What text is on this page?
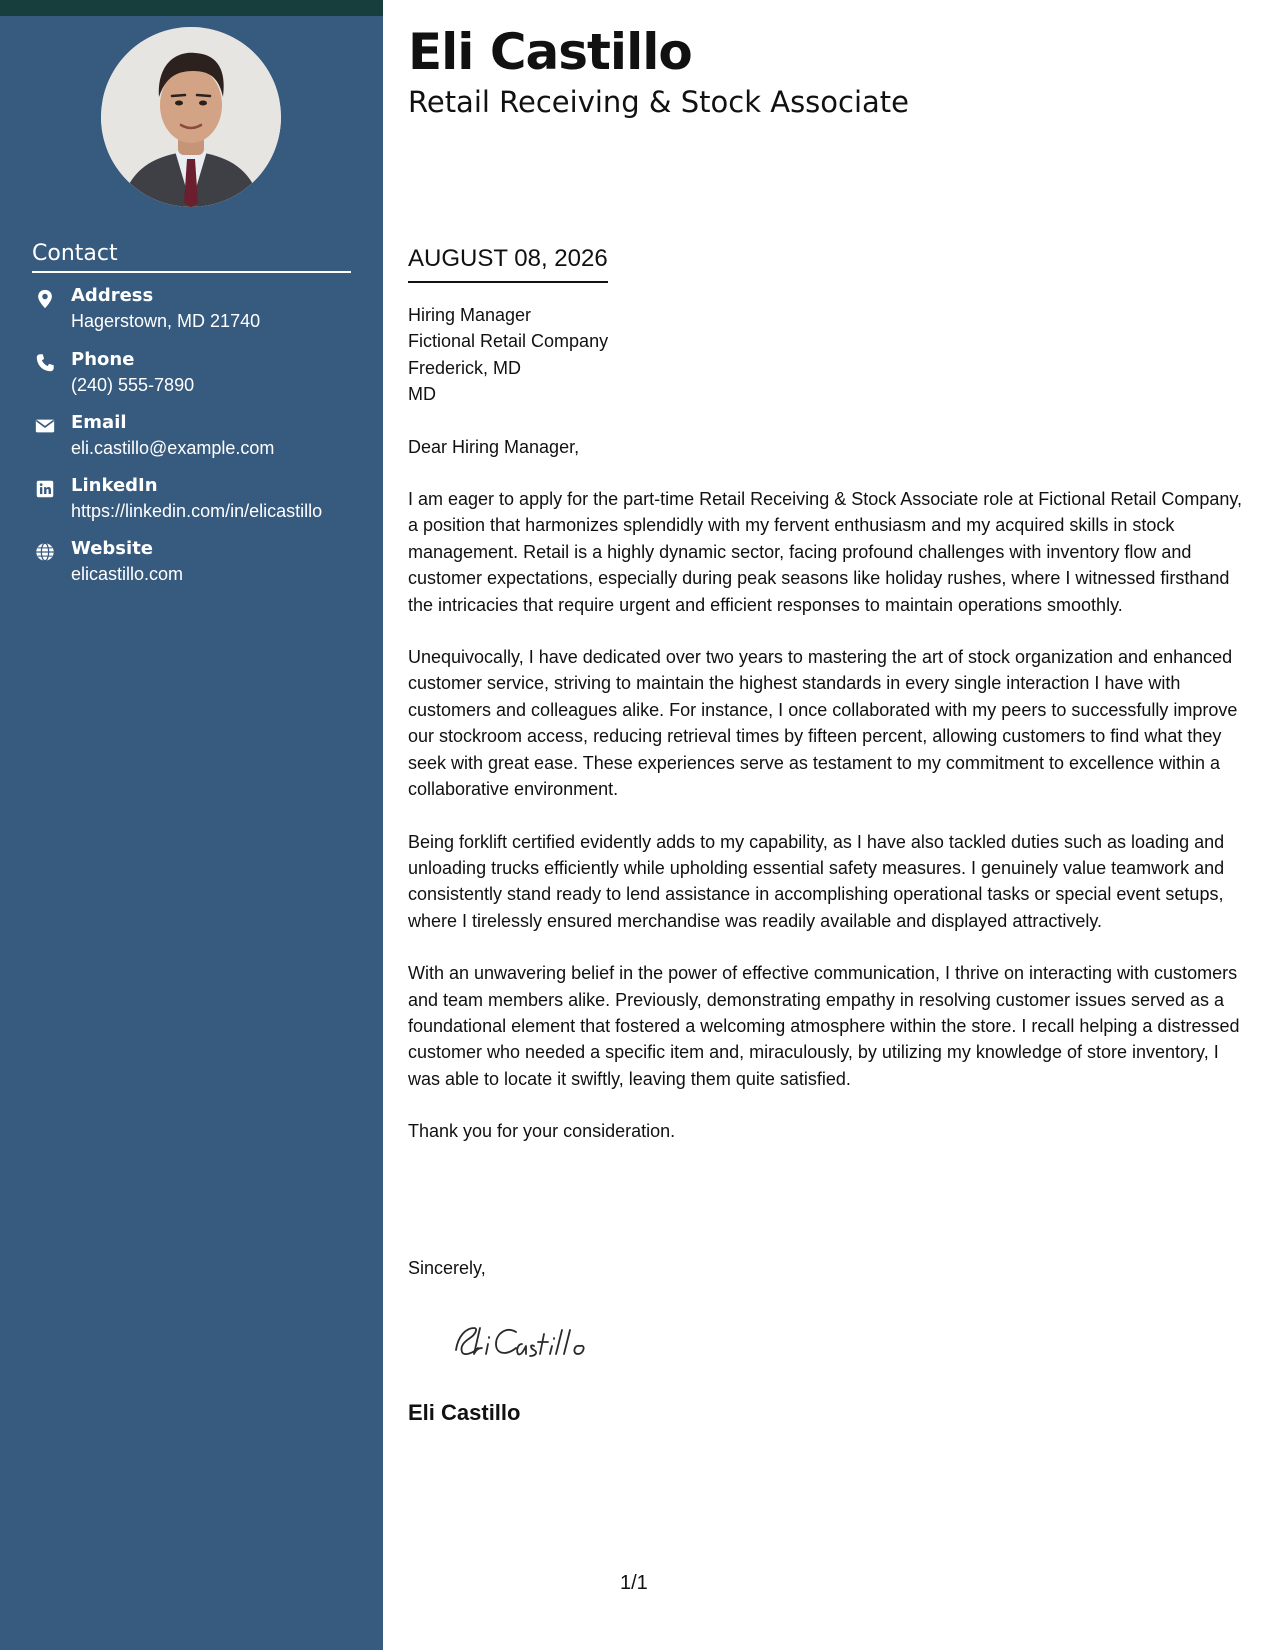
Contact
Address
Hagerstown, MD 21740
Phone
(240) 555-7890
Email
eli.castillo@example.com
LinkedIn
https://linkedin.com/in/elicastillo
Website
elicastillo.com
Eli Castillo
Retail Receiving & Stock Associate
AUGUST 08, 2026

Hiring Manager
Fictional Retail Company
Frederick, MD
MD

Dear Hiring Manager,

I am eager to apply for the part-time Retail Receiving & Stock Associate role at Fictional Retail Company, a position that harmonizes splendidly with my fervent enthusiasm and my acquired skills in stock management. Retail is a highly dynamic sector, facing profound challenges with inventory flow and customer expectations, especially during peak seasons like holiday rushes, where I witnessed firsthand the intricacies that require urgent and efficient responses to maintain operations smoothly.

Unequivocally, I have dedicated over two years to mastering the art of stock organization and enhanced customer service, striving to maintain the highest standards in every single interaction I have with customers and colleagues alike. For instance, I once collaborated with my peers to successfully improve our stockroom access, reducing retrieval times by fifteen percent, allowing customers to find what they seek with great ease. These experiences serve as testament to my commitment to excellence within a collaborative environment.

Being forklift certified evidently adds to my capability, as I have also tackled duties such as loading and unloading trucks efficiently while upholding essential safety measures. I genuinely value teamwork and consistently stand ready to lend assistance in accomplishing operational tasks or special event setups, where I tirelessly ensured merchandise was readily available and displayed attractively.

With an unwavering belief in the power of effective communication, I thrive on interacting with customers and team members alike. Previously, demonstrating empathy in resolving customer issues served as a foundational element that fostered a welcoming atmosphere within the store. I recall helping a distressed customer who needed a specific item and, miraculously, by utilizing my knowledge of store inventory, I was able to locate it swiftly, leaving them quite satisfied.

Thank you for your consideration.

Sincerely,
Eli Castillo
1/1
